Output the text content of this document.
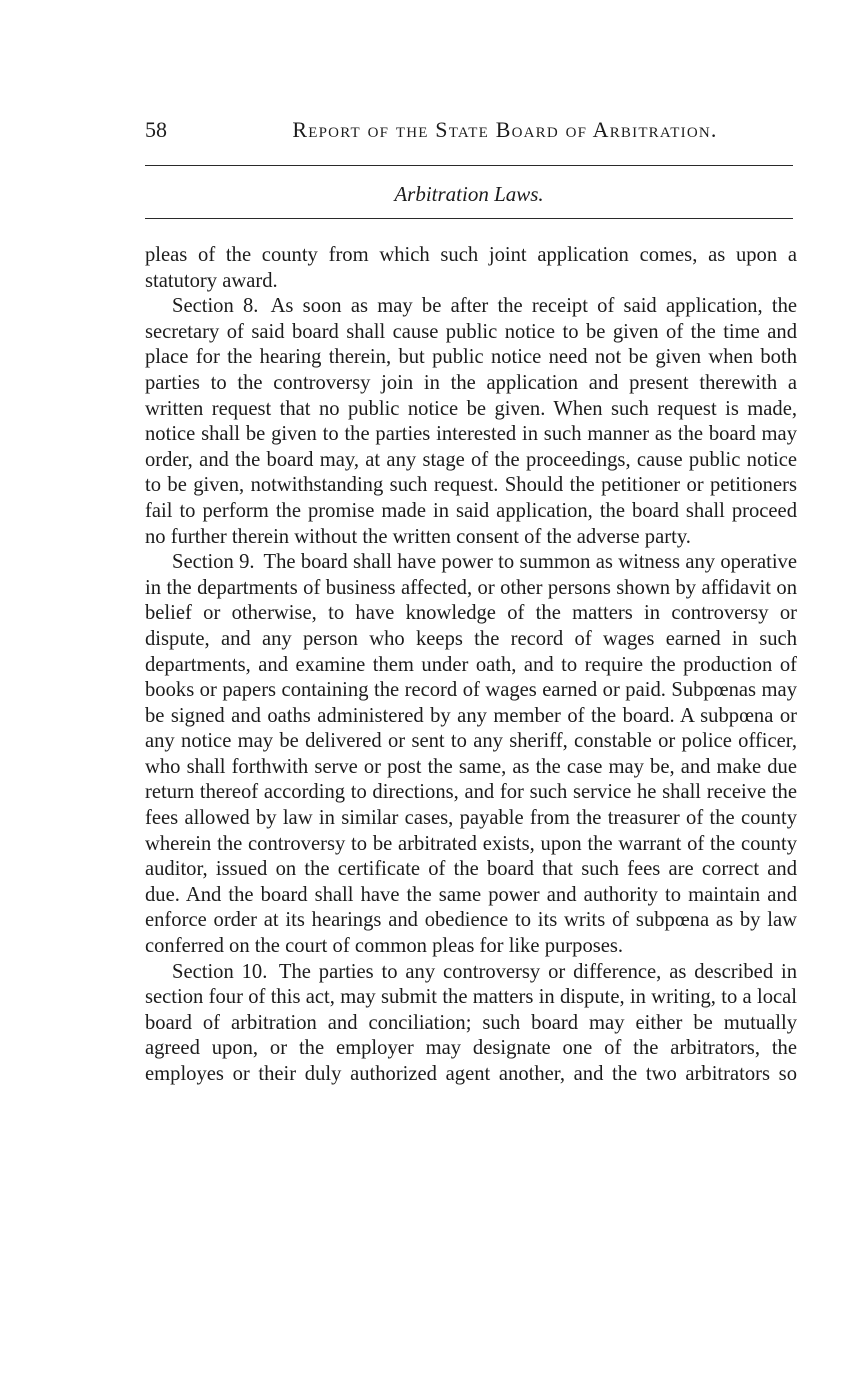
58	Report of the State Board of Arbitration.
Arbitration Laws.

pleas of the county from which such joint application comes, as upon a statutory award.

Section 8. As soon as may be after the receipt of said application, the secretary of said board shall cause public notice to be given of the time and place for the hearing therein, but public notice need not be given when both parties to the controversy join in the application and present therewith a written request that no public notice be given. When such request is made, notice shall be given to the parties interested in such manner as the board may order, and the board may, at any stage of the proceedings, cause public notice to be given, notwithstanding such request. Should the petitioner or petitioners fail to perform the promise made in said application, the board shall proceed no further therein without the written consent of the adverse party.

Section 9. The board shall have power to summon as witness any operative in the departments of business affected, or other persons shown by affidavit on belief or otherwise, to have knowledge of the matters in controversy or dispute, and any person who keeps the record of wages earned in such departments, and examine them under oath, and to require the production of books or papers containing the record of wages earned or paid. Subpœnas may be signed and oaths administered by any member of the board. A subpœna or any notice may be delivered or sent to any sheriff, constable or police officer, who shall forthwith serve or post the same, as the case may be, and make due return thereof according to directions, and for such service he shall receive the fees allowed by law in similar cases, payable from the treasurer of the county wherein the controversy to be arbitrated exists, upon the warrant of the county auditor, issued on the certificate of the board that such fees are correct and due. And the board shall have the same power and authority to maintain and enforce order at its hearings and obedience to its writs of subpœna as by law conferred on the court of common pleas for like purposes.

Section 10. The parties to any controversy or difference, as described in section four of this act, may submit the matters in dispute, in writing, to a local board of arbitration and conciliation; such board may either be mutually agreed upon, or the employer may designate one of the arbitrators, the employes or their duly authorized agent another, and the two arbitrators so
